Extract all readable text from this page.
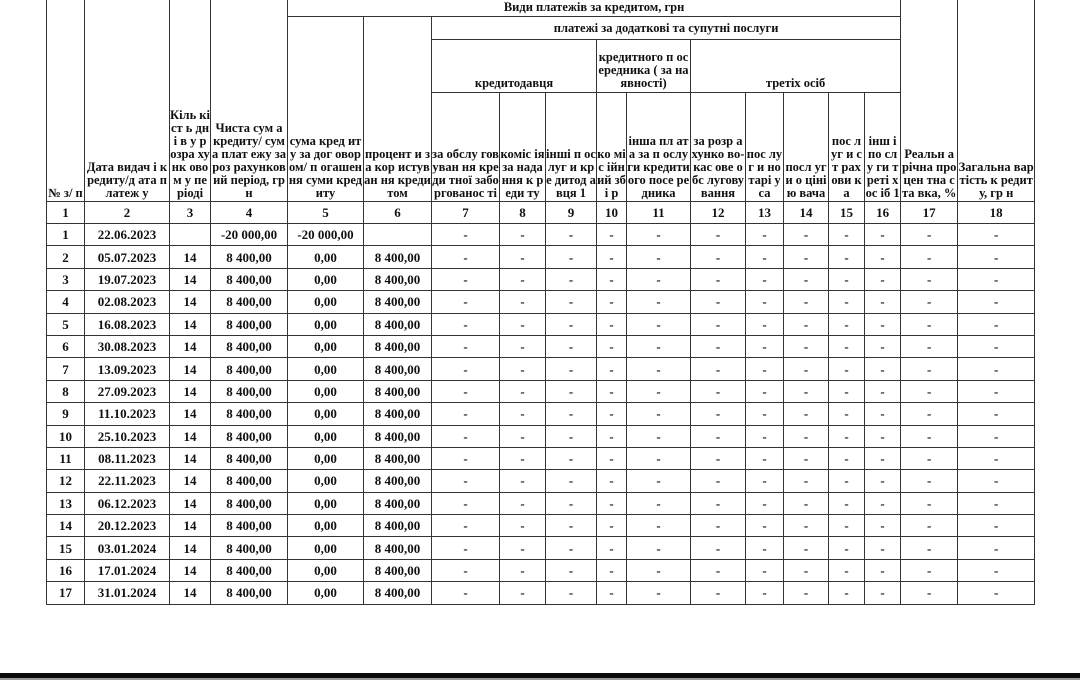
№ з/ п	Дата видач і кредиту/д ата платеж у	Кіль кіст ь дні в у р озра хунк овом у пе ріоді	Чиста сум а кредиту/ сума плат ежу за роз рахунков ий період, грн	Види платежів за кредитом, грн												Реальн а річна процен тна ста вка, %	Загальна вартість к редиту, гр н
				сума кред иту за дог овором/ п огашення суми кред иту	процент и за кор истуван ня креди том	платежі за додаткові та супутні послуги											
						кредитодавця			кредитного п осередника ( за наявності)		третіх осіб						
						за обслу говуван ня креди тної забо ргованос ті	коміс ія за нада ння к реди ту	інші п ослуг и кре дитод авця 1	ко міс ійн ий збі р	інша пл ата за п ослуги кредити ого посе редника	за розр ахунко во- кас ове обс лугову вання	пос луг и но тарі уса	посл уги о цінію вача	пос луг и ст рах ови ка	інш і по слу ги т реті х ос іб 1		
1	2	3	4	5	6	7	8	9	10	11	12	13	14	15	16	17	18
1	22.06.2023		-20 000,00	-20 000,00		-	-	-	-	-	-	-	-	-	-	-	-
2	05.07.2023	14	8 400,00	0,00	8 400,00	-	-	-	-	-	-	-	-	-	-	-	-
3	19.07.2023	14	8 400,00	0,00	8 400,00	-	-	-	-	-	-	-	-	-	-	-	-
4	02.08.2023	14	8 400,00	0,00	8 400,00	-	-	-	-	-	-	-	-	-	-	-	-
5	16.08.2023	14	8 400,00	0,00	8 400,00	-	-	-	-	-	-	-	-	-	-	-	-
6	30.08.2023	14	8 400,00	0,00	8 400,00	-	-	-	-	-	-	-	-	-	-	-	-
7	13.09.2023	14	8 400,00	0,00	8 400,00	-	-	-	-	-	-	-	-	-	-	-	-
8	27.09.2023	14	8 400,00	0,00	8 400,00	-	-	-	-	-	-	-	-	-	-	-	-
9	11.10.2023	14	8 400,00	0,00	8 400,00	-	-	-	-	-	-	-	-	-	-	-	-
10	25.10.2023	14	8 400,00	0,00	8 400,00	-	-	-	-	-	-	-	-	-	-	-	-
11	08.11.2023	14	8 400,00	0,00	8 400,00	-	-	-	-	-	-	-	-	-	-	-	-
12	22.11.2023	14	8 400,00	0,00	8 400,00	-	-	-	-	-	-	-	-	-	-	-	-
13	06.12.2023	14	8 400,00	0,00	8 400,00	-	-	-	-	-	-	-	-	-	-	-	-
14	20.12.2023	14	8 400,00	0,00	8 400,00	-	-	-	-	-	-	-	-	-	-	-	-
15	03.01.2024	14	8 400,00	0,00	8 400,00	-	-	-	-	-	-	-	-	-	-	-	-
16	17.01.2024	14	8 400,00	0,00	8 400,00	-	-	-	-	-	-	-	-	-	-	-	-
17	31.01.2024	14	8 400,00	0,00	8 400,00	-	-	-	-	-	-	-	-	-	-	-	-
